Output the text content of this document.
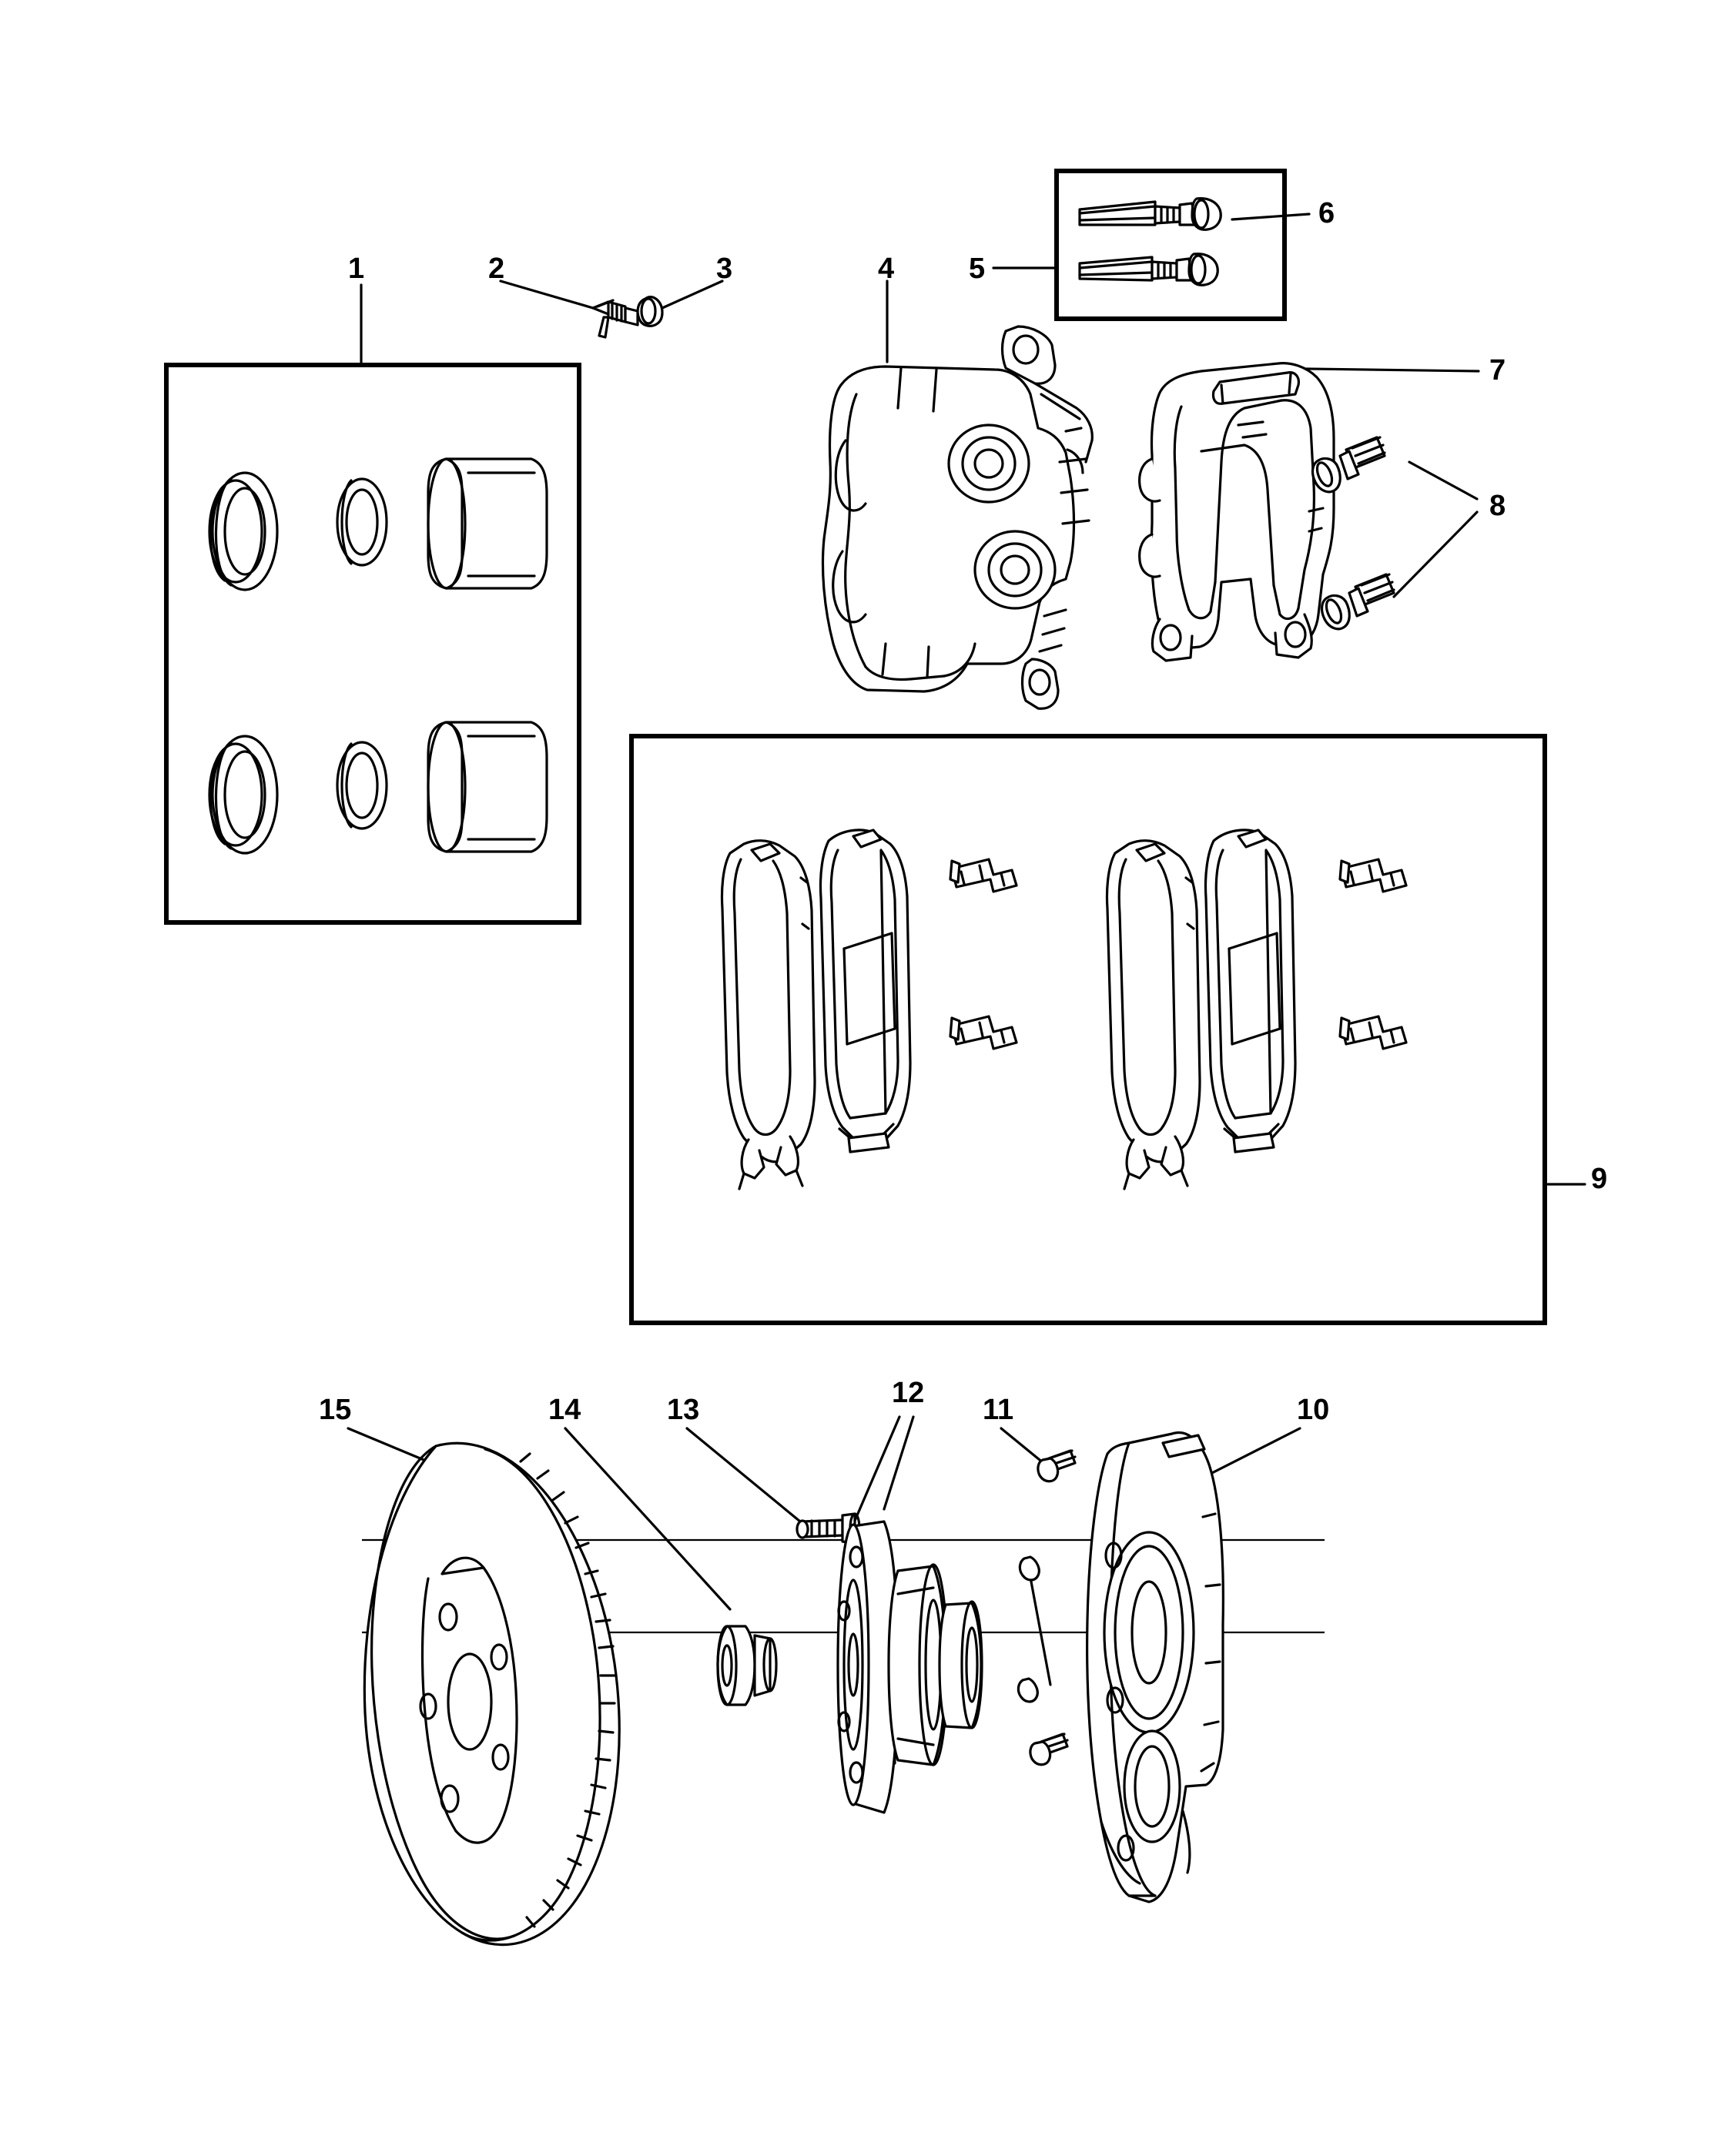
1	2	3	4	5
6
7
8
9
10
11
12
13
14
15
